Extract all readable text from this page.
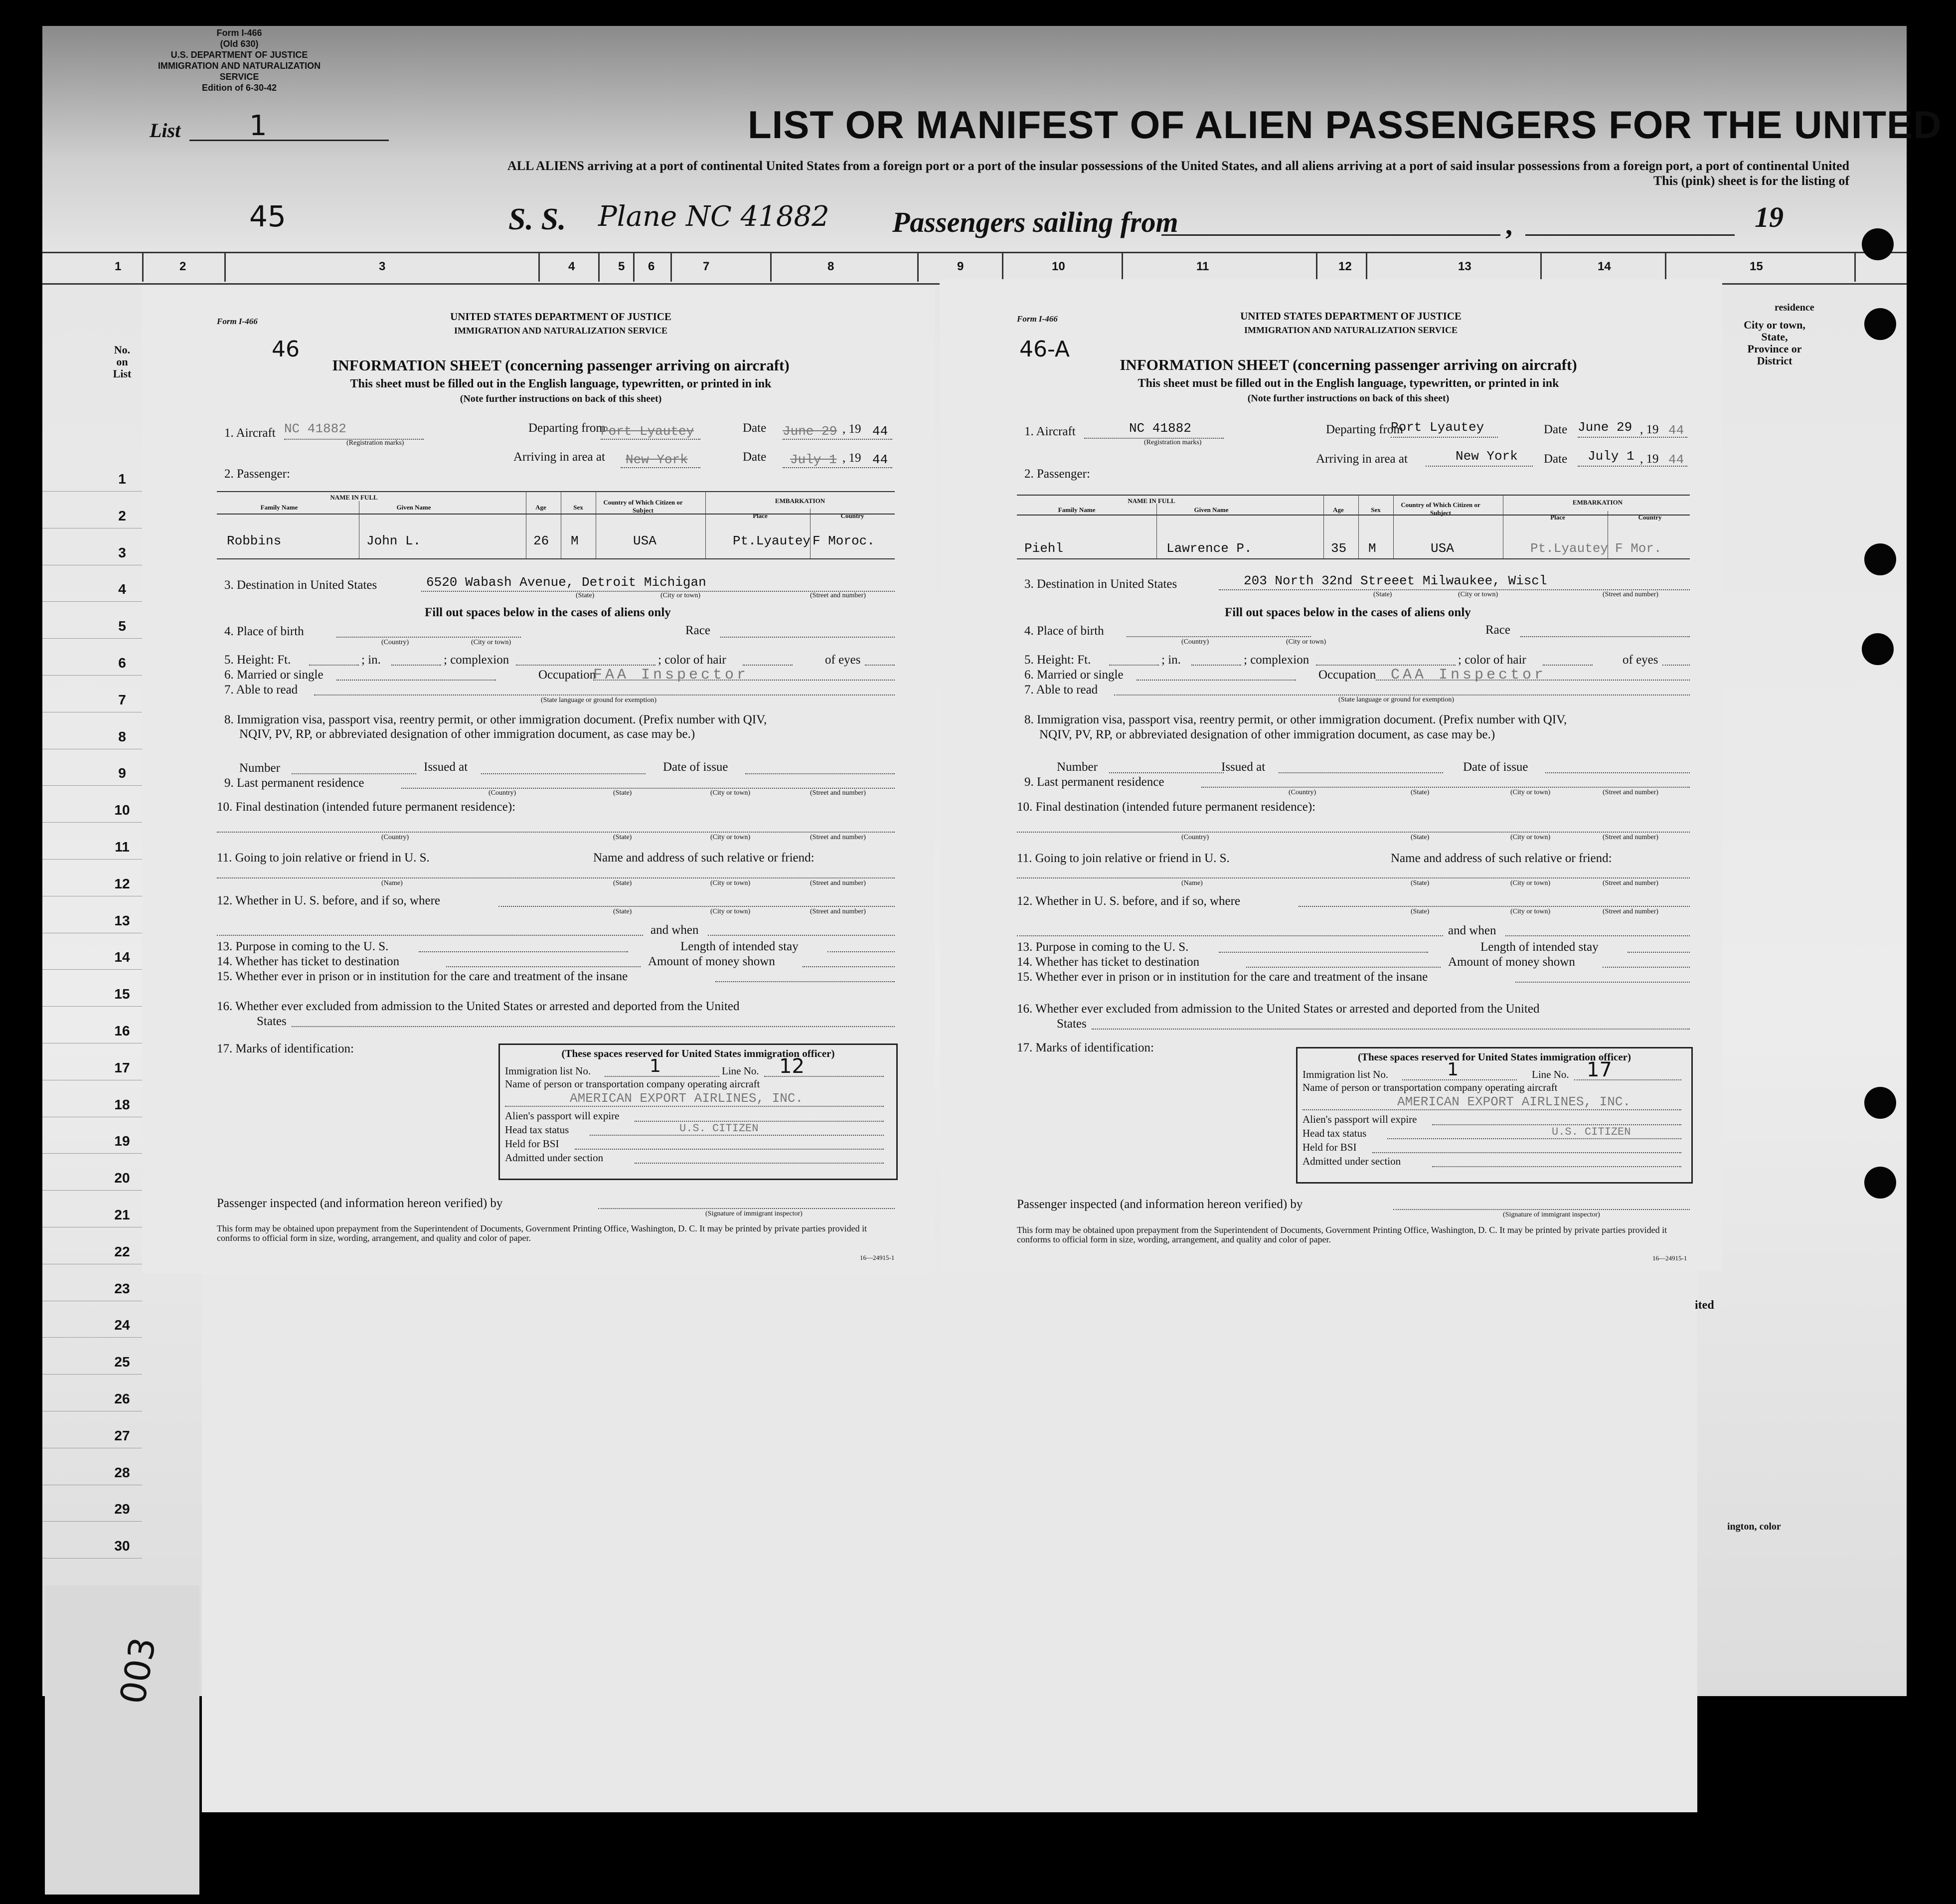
Form I-466
(Old 630)
U.S. DEPARTMENT OF JUSTICE
IMMIGRATION AND NATURALIZATION SERVICE
Edition of 6-30-42
List 1	LIST OR MANIFEST OF ALIEN PASSENGERS FOR THE UNITED
ALL ALIENS arriving at a port of continental United States from a foreign port or a port of the insular possessions of the United States, and all aliens arriving at a port of said insular possessions from a foreign port, a port of continental United
This (pink) sheet is for the listing of
45	S. S. Plane NC 41882 Passengers sailing from	,	19
1	2	3	4	5 6	7	8	9	10	11	12	13	14	15
No. on List
residence
City or town, State, Province or District
1
2
3
4
5
6
7
8
9
10
11
12
13
14
15
16
17
18
19
20
21
22
23
24
25
26
27
28
29
30
ited
ington, color
003
Form I-466
46
UNITED STATES DEPARTMENT OF JUSTICE
IMMIGRATION AND NATURALIZATION SERVICE
INFORMATION SHEET (concerning passenger arriving on aircraft)
This sheet must be filled out in the English language, typewritten, or printed in ink
(Note further instructions on back of this sheet)
1. Aircraft NC 41882
(Registration marks)
Departing from
Port Lyautey	Date June 29 , 19 44
Arriving in area at New York	Date July 1 , 19 44
2. Passenger:
NAME IN FULL
Family Name	Given Name	Age	Sex
Country of Which Citizen or Subject
EMBARKATION
Place	Country
Robbins	John L.	26 M	USA	Pt.Lyautey F Moroc.
3. Destination in United States	6520 Wabash Avenue, Detroit Michigan
(State)	(City or town)	(Street and number)
Fill out spaces below in the cases of aliens only
4. Place of birth
(Country)	(City or town)
Race
5. Height: Ft.	; in.	; complexion	; color of hair	of eyes
6. Married or single	Occupation
FAA Inspector
7. Able to read
(State language or ground for exemption)
8. Immigration visa, passport visa, reentry permit, or other immigration document. (Prefix number with QIV,
NQIV, PV, RP, or abbreviated designation of other immigration document, as case may be.)
Number	Issued at	Date of issue
9. Last permanent residence
(Country)	(State)	(City or town)	(Street and number)
10. Final destination (intended future permanent residence):
(Country)	(State)	(City or town)	(Street and number)
11. Going to join relative or friend in U. S.	Name and address of such relative or friend:
(Name)	(State)	(City or town)	(Street and number)
12. Whether in U. S. before, and if so, where
(State)	(City or town)	(Street and number)
and when
13. Purpose in coming to the U. S.	Length of intended stay
14. Whether has ticket to destination	Amount of money shown
15. Whether ever in prison or in institution for the care and treatment of the insane
16. Whether ever excluded from admission to the United States or arrested and deported from the United
States
17. Marks of identification:	(These spaces reserved for United States immigration officer)
Immigration list No.	1	Line No. 12
Name of person or transportation company operating aircraft
AMERICAN EXPORT AIRLINES, INC.
Alien's passport will expire
Head tax status	U.S. CITIZEN
Held for BSI
Admitted under section
Passenger inspected (and information hereon verified) by
(Signature of immigrant inspector)
This form may be obtained upon prepayment from the Superintendent of Documents, Government Printing Office, Washington, D. C. It may be printed by private parties provided it conforms to official form in size, wording, arrangement, and quality and color of paper.
16—24915-1
Form I-466
46-A
UNITED STATES DEPARTMENT OF JUSTICE
IMMIGRATION AND NATURALIZATION SERVICE
INFORMATION SHEET (concerning passenger arriving on aircraft)
This sheet must be filled out in the English language, typewritten, or printed in ink
(Note further instructions on back of this sheet)
1. Aircraft	NC 41882
(Registration marks)
Departing from
Port Lyautey	Date June 29 , 19 44
Arriving in area at	New York Date July 1 , 19 44
2. Passenger:
NAME IN FULL
Family Name	Given Name	Age	Sex
Country of Which Citizen or Subject
EMBARKATION
Place	Country
Piehl	Lawrence P.	35 M	USA	Pt.Lyautey F Mor.
3. Destination in United States	203 North 32nd Streeet Milwaukee, Wiscl
(State)	(City or town)	(Street and number)
Fill out spaces below in the cases of aliens only
4. Place of birth
(Country)	(City or town)
Race
5. Height: Ft.	; in.	; complexion	; color of hair	of eyes
6. Married or single	Occupation CAA Inspector
7. Able to read
(State language or ground for exemption)
8. Immigration visa, passport visa, reentry permit, or other immigration document. (Prefix number with QIV,
NQIV, PV, RP, or abbreviated designation of other immigration document, as case may be.)
Number	Issued at	Date of issue
9. Last permanent residence
(Country)	(State)	(City or town)	(Street and number)
10. Final destination (intended future permanent residence):
(Country)	(State)	(City or town)	(Street and number)
11. Going to join relative or friend in U. S.	Name and address of such relative or friend:
(Name)	(State)	(City or town)	(Street and number)
12. Whether in U. S. before, and if so, where
(State)	(City or town)	(Street and number)
and when
13. Purpose in coming to the U. S.	Length of intended stay
14. Whether has ticket to destination	Amount of money shown
15. Whether ever in prison or in institution for the care and treatment of the insane
16. Whether ever excluded from admission to the United States or arrested and deported from the United
States
17. Marks of identification:
(These spaces reserved for United States immigration officer)
Immigration list No.	1	Line No. 17
Name of person or transportation company operating aircraft
AMERICAN EXPORT AIRLINES, INC.
Alien's passport will expire
Head tax status	U.S. CITIZEN
Held for BSI
Admitted under section
Passenger inspected (and information hereon verified) by
(Signature of immigrant inspector)
This form may be obtained upon prepayment from the Superintendent of Documents, Government Printing Office, Washington, D. C. It may be printed by private parties provided it conforms to official form in size, wording, arrangement, and quality and color of paper.
16—24915-1
